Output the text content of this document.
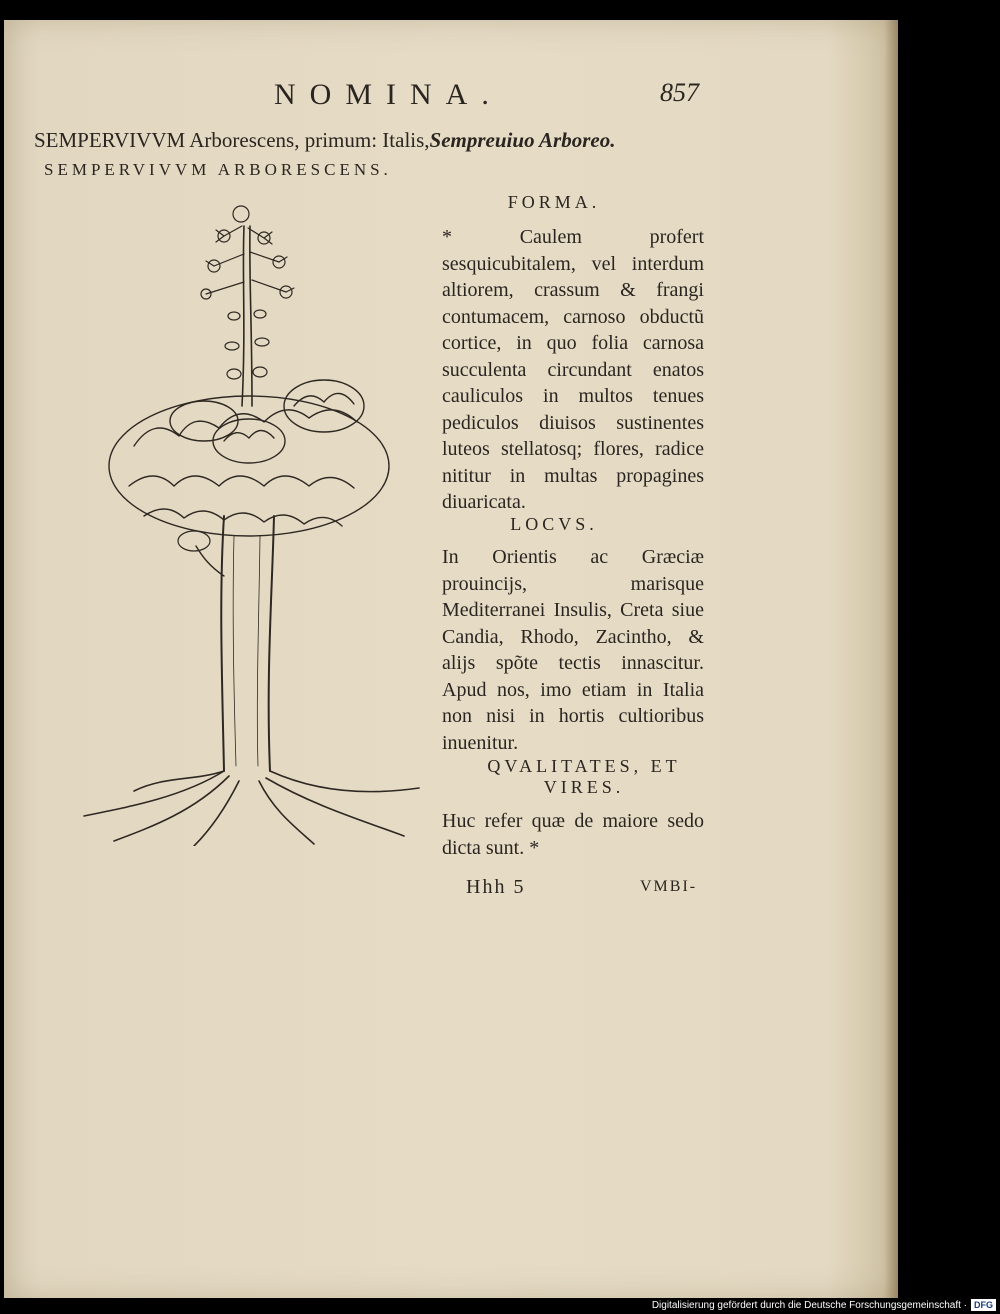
NOMINA.	857
SEMPERVIVVM Arborescens, primum: Italis,Sempreuiuo Arboreo.
SEMPERVIVVM ARBORESCENS.
FORMA.

* Caulem profert sesquicubitalem, vel interdum altiorem, crassum & frangi contumacem, carnoso obductũ cortice, in quo folia carnosa succulenta circundant enatos cauliculos in multos tenues pediculos diuisos sustinentes luteos stellatosq; flores, radice nititur in multas propagines diuaricata.

LOCVS.

In Orientis ac Græciæ prouincijs, marisque Mediterranei Insulis, Creta siue Candia, Rhodo, Zacintho, & alijs spõte tectis innascitur. Apud nos, imo etiam in Italia non nisi in hortis cultioribus inuenitur.

QVALITATES, ET
VIRES.

Huc refer quæ de maiore sedo dicta sunt. *

Hhh 5	VMBI-
Digitalisierung gefördert durch die Deutsche Forschungsgemeinschaft · DFG
